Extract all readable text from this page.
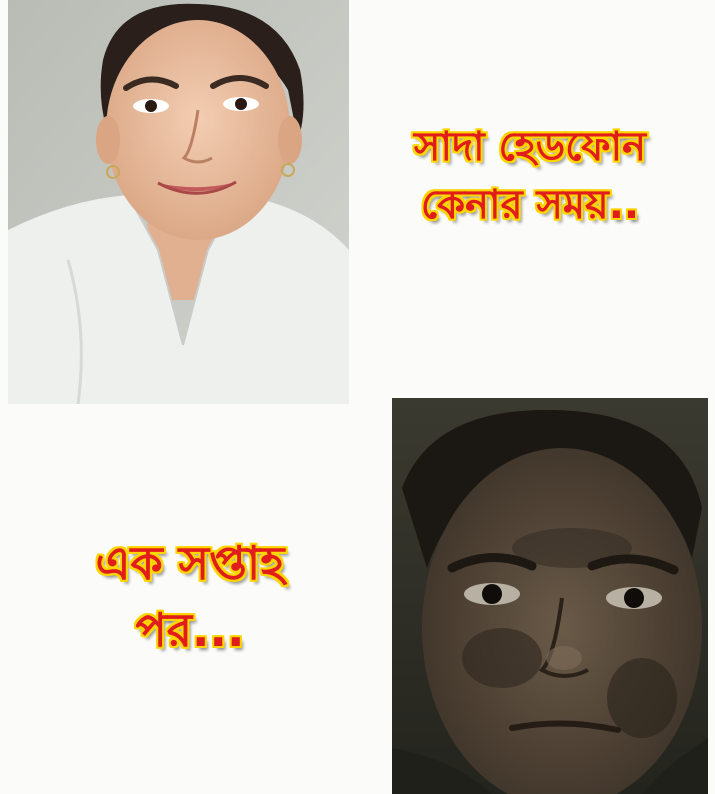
সাদা হেডফোন
কেনার সময়..
এক সপ্তাহ
পর...
